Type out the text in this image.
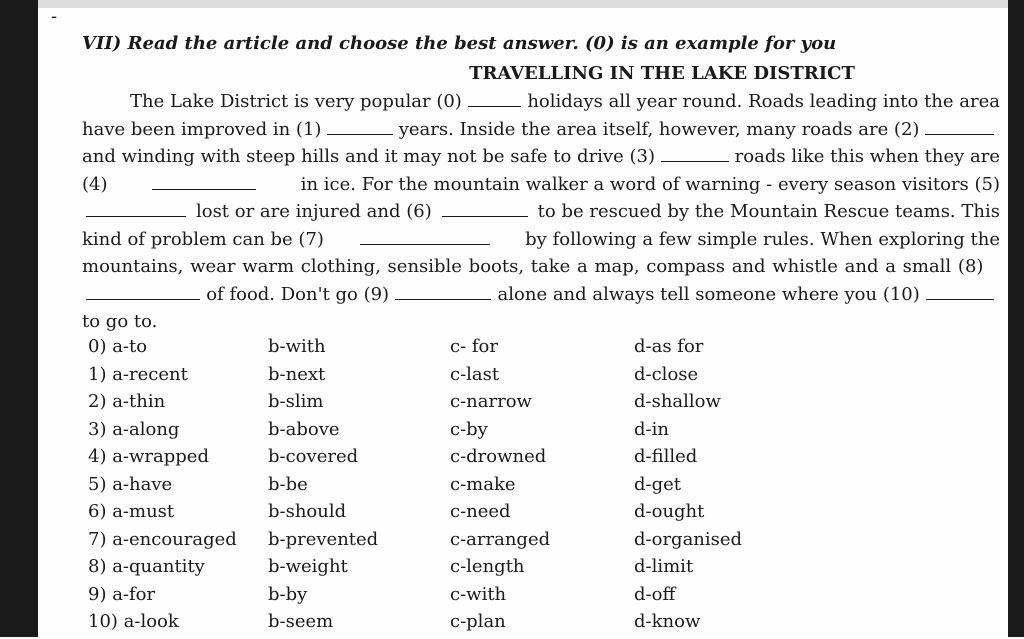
-
VII) Read the article and choose the best answer. (0) is an example for you
TRAVELLING IN THE LAKE DISTRICT
The Lake District is very popular (0)	holidays all year round. Roads leading into the area
have been improved in (1)	years. Inside the area itself, however, many roads are (2)
and winding with steep hills and it may not be safe to drive (3)	roads like this when they are
(4)	in ice. For the mountain walker a word of warning - every season visitors (5)
lost or are injured and (6)	to be rescued by the Mountain Rescue teams. This
kind of problem can be (7)	by following a few simple rules. When exploring the
mountains, wear warm clothing, sensible boots, take a map, compass and whistle and a small (8)
of food. Don't go (9)	alone and always tell someone where you (10)
to go to.
0) a-to	b-with	c- for	d-as for
1) a-recent	b-next	c-last	d-close
2) a-thin	b-slim	c-narrow	d-shallow
3) a-along	b-above	c-by	d-in
4) a-wrapped	b-covered	c-drowned	d-filled
5) a-have	b-be	c-make	d-get
6) a-must	b-should	c-need	d-ought
7) a-encouraged b-prevented	c-arranged	d-organised
8) a-quantity	b-weight	c-length	d-limit
9) a-for	b-by	c-with	d-off
10) a-look	b-seem	c-plan	d-know
